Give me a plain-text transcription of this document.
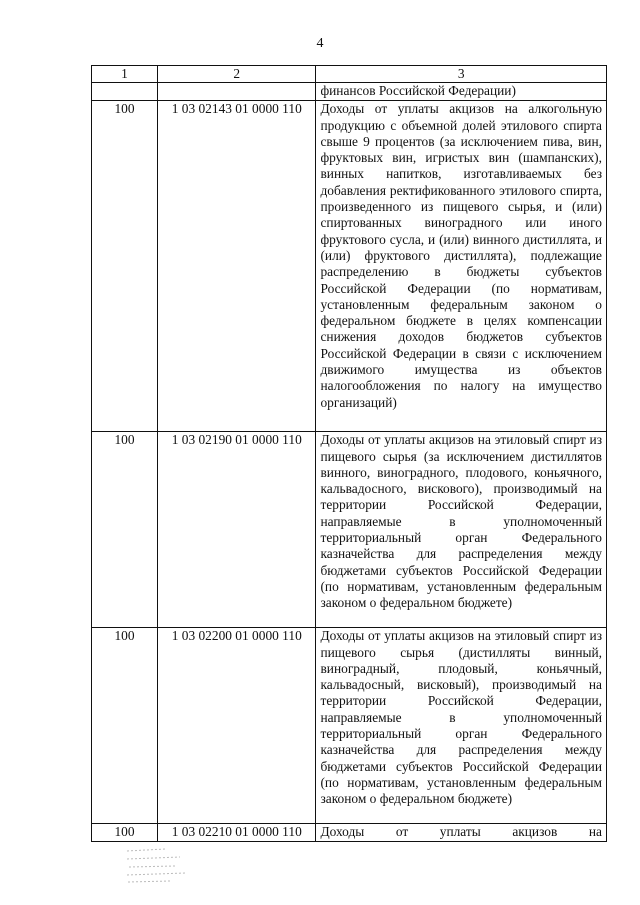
4
1	2	3
		финансов Российской Федерации)
100	1 03 02143 01 0000 110	Доходы от уплаты акцизов на алкогольную продукцию с объемной долей этилового спирта свыше 9 процентов (за исключением пива, вин, фруктовых вин, игристых вин (шампанских), винных напитков, изготавливаемых без добавления ректификованного этилового спирта, произведенного из пищевого сырья, и (или) спиртованных виноградного или иного фруктового сусла, и (или) винного дистиллята, и (или) фруктового дистиллята), подлежащие распределению в бюджеты субъектов Российской Федерации (по нормативам, установленным федеральным законом о федеральном бюджете в целях компенсации снижения доходов бюджетов субъектов Российской Федерации в связи с исключением движимого имущества из объектов налогообложения по налогу на имущество организаций)
100	1 03 02190 01 0000 110	Доходы от уплаты акцизов на этиловый спирт из пищевого сырья (за исключением дистиллятов винного, виноградного, плодового, коньячного, кальвадосного, вискового), производимый на территории Российской Федерации, направляемые в уполномоченный территориальный орган Федерального казначейства для распределения между бюджетами субъектов Российской Федерации (по нормативам, установленным федеральным законом о федеральном бюджете)
100	1 03 02200 01 0000 110	Доходы от уплаты акцизов на этиловый спирт из пищевого сырья (дистилляты винный, виноградный, плодовый, коньячный, кальвадосный, висковый), производимый на территории Российской Федерации, направляемые в уполномоченный территориальный орган Федерального казначейства для распределения между бюджетами субъектов Российской Федерации (по нормативам, установленным федеральным законом о федеральном бюджете)
100	1 03 02210 01 0000 110	Доходы от уплаты акцизов на
